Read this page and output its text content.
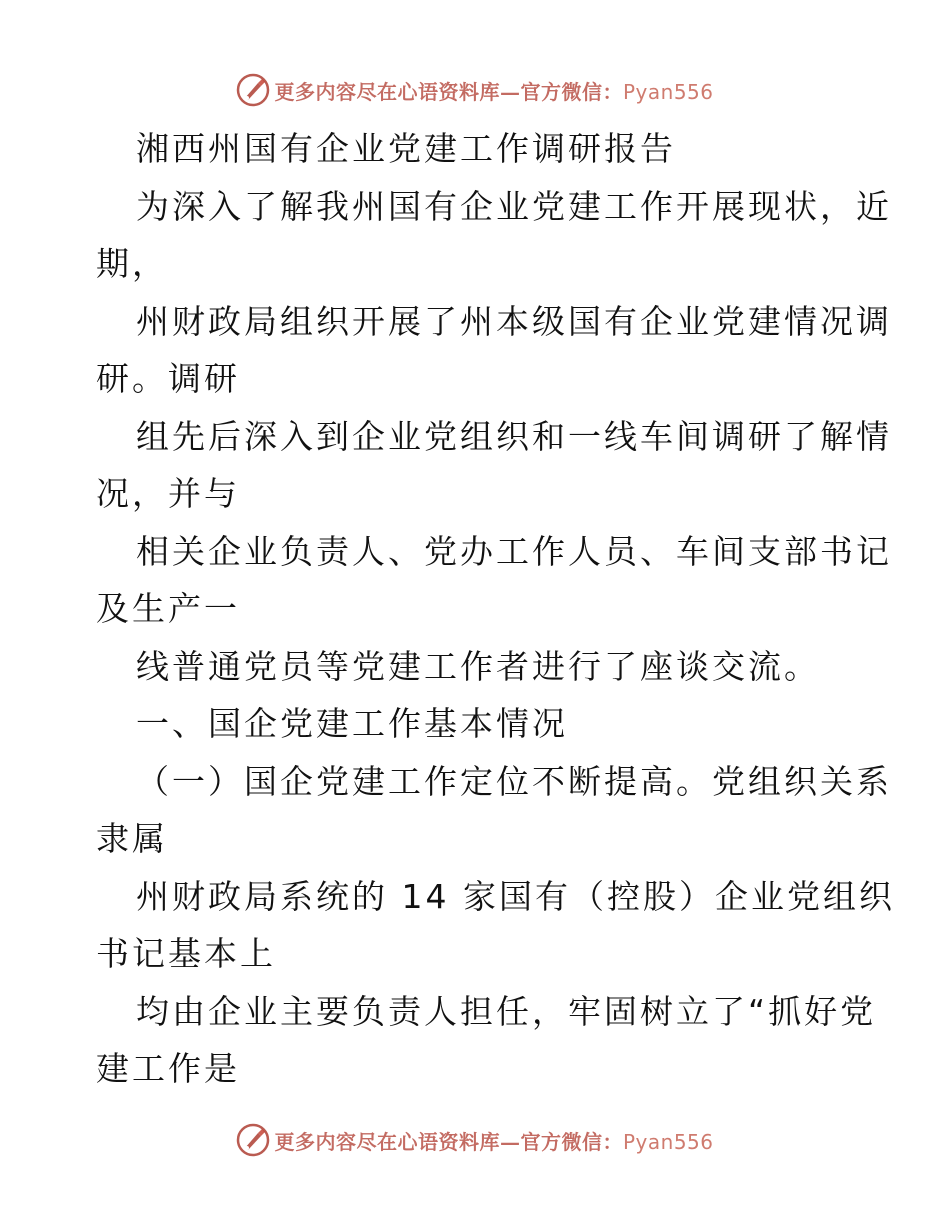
更多内容尽在心语资料库—官方微信：Pyan556
湘西州国有企业党建工作调研报告
为深入了解我州国有企业党建工作开展现状，近
期，
州财政局组织开展了州本级国有企业党建情况调
研。调研
组先后深入到企业党组织和一线车间调研了解情
况，并与
相关企业负责人、党办工作人员、车间支部书记
及生产一
线普通党员等党建工作者进行了座谈交流。
一、国企党建工作基本情况
（一）国企党建工作定位不断提高。党组织关系
隶属
州财政局系统的 14 家国有（控股）企业党组织
书记基本上
均由企业主要负责人担任，牢固树立了“抓好党
建工作是
更多内容尽在心语资料库—官方微信：Pyan556
